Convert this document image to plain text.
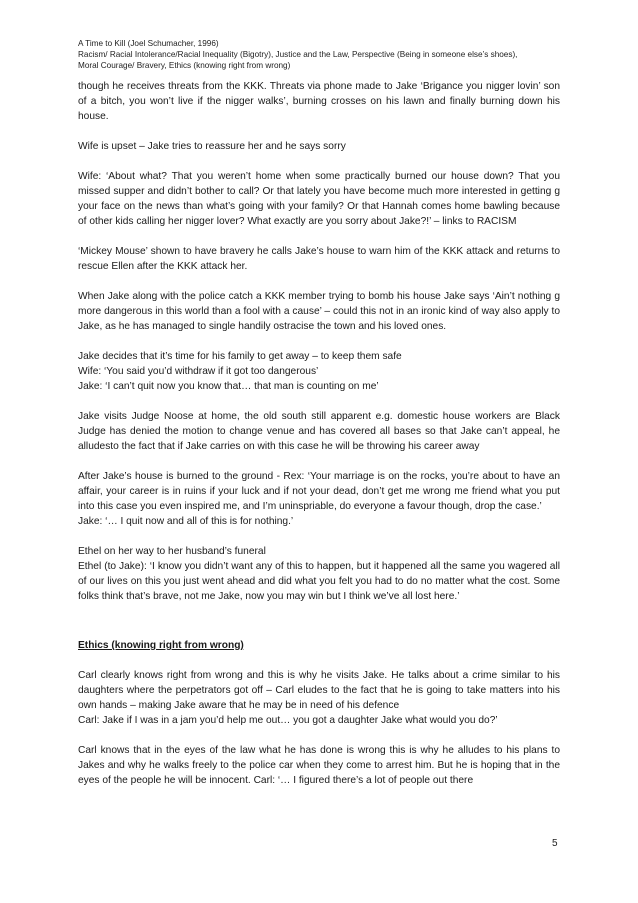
A Time to Kill (Joel Schumacher, 1996)
Racism/ Racial Intolerance/Racial Inequality (Bigotry), Justice and the Law, Perspective (Being in someone else’s shoes),
Moral Courage/ Bravery, Ethics (knowing right from wrong)

though he receives threats from the KKK. Threats via phone made to Jake ‘Brigance you nigger lovin’ son of a bitch, you won’t live if the nigger walks’, burning crosses on his lawn and finally burning down his house.

Wife is upset – Jake tries to reassure her and he says sorry

Wife: ‘About what? That you weren’t home when some practically burned our house down? That you missed supper and didn’t bother to call? Or that lately you have become much more interested in getting g your face on the news than what’s going with your family? Or that Hannah comes home bawling because of other kids calling her nigger lover? What exactly are you sorry about Jake?!’ – links to RACISM

‘Mickey Mouse’ shown to have bravery he calls Jake’s house to warn him of the KKK attack and returns to rescue Ellen after the KKK attack her.

When Jake along with the police catch a KKK member trying to bomb his house Jake says ‘Ain’t nothing g more dangerous in this world than a fool with a cause’ – could this not in an ironic kind of way also apply to Jake, as he has managed to single handily ostracise the town and his loved ones.

Jake decides that it’s time for his family to get away – to keep them safe
Wife: ‘You said you’d withdraw if it got too dangerous’
Jake: ‘I can’t quit now you know that… that man is counting on me’

Jake visits Judge Noose at home, the old south still apparent e.g. domestic house workers are Black Judge has denied the motion to change venue and has covered all bases so that Jake can’t appeal, he alludesto the fact that if Jake carries on with this case he will be throwing his career away

After Jake’s house is burned to the ground - Rex: ‘Your marriage is on the rocks, you’re about to have an affair, your career is in ruins if your luck and if not your dead, don’t get me wrong me friend what you put into this case you even inspired me, and I’m uninspriable, do everyone a favour though, drop the case.’
Jake: ‘… I quit now and all of this is for nothing.’

Ethel on her way to her husband’s funeral
Ethel (to Jake): ‘I know you didn’t want any of this to happen, but it happened all the same you wagered all of our lives on this you just went ahead and did what you felt you had to do no matter what the cost. Some folks think that’s brave, not me Jake, now you may win but I think we’ve all lost here.’

Ethics (knowing right from wrong)

Carl clearly knows right from wrong and this is why he visits Jake. He talks about a crime similar to his daughters where the perpetrators got off – Carl eludes to the fact that he is going to take matters into his own hands – making Jake aware that he may be in need of his defence
Carl: Jake if I was in a jam you’d help me out… you got a daughter Jake what would you do?’

Carl knows that in the eyes of the law what he has done is wrong this is why he alludes to his plans to Jakes and why he walks freely to the police car when they come to arrest him. But he is hoping that in the eyes of the people he will be innocent. Carl: ‘… I figured there’s a lot of people out there

5
